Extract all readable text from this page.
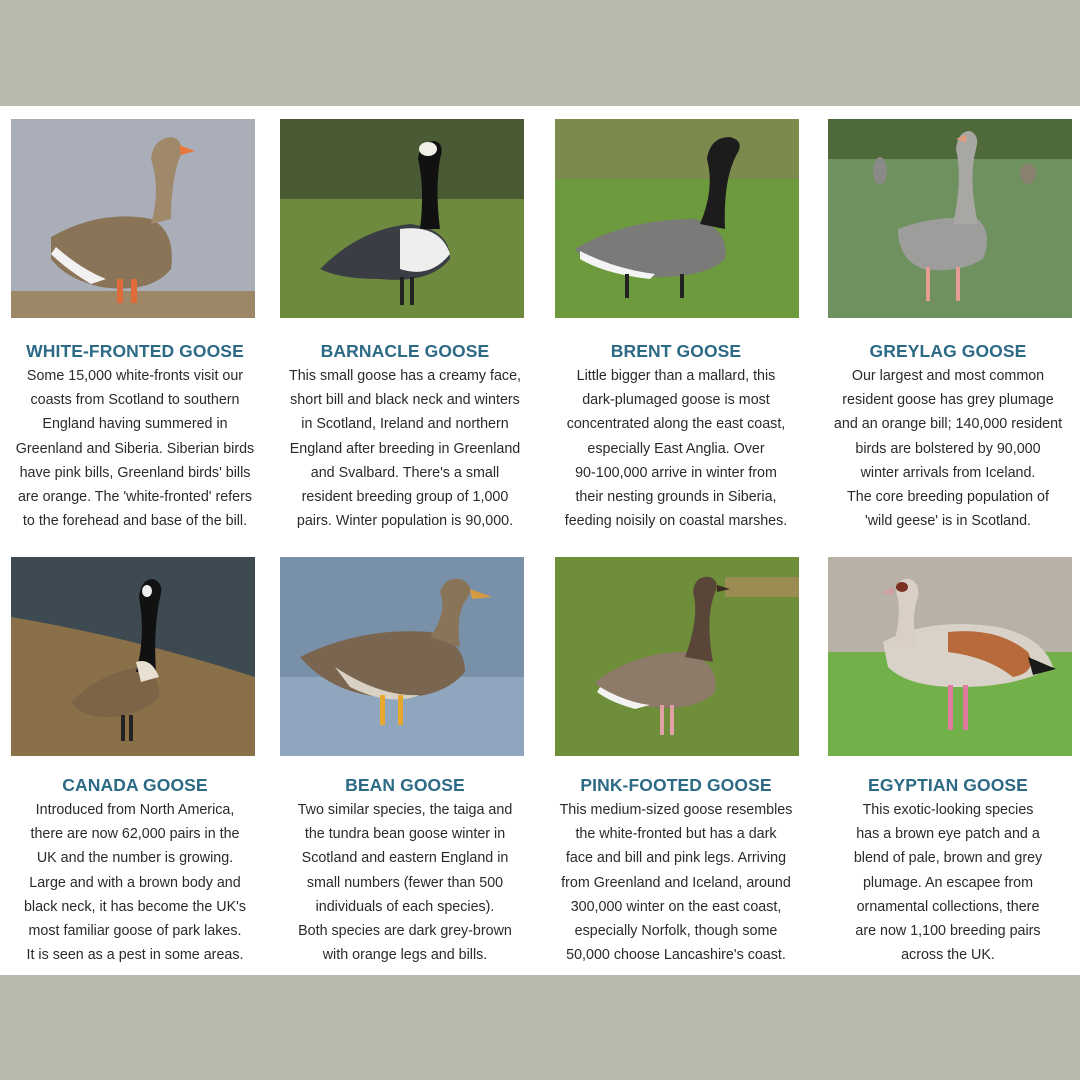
WHITE-FRONTED GOOSE
Some 15,000 white-fronts visit our
coasts from Scotland to southern
England having summered in
Greenland and Siberia. Siberian birds
have pink bills, Greenland birds' bills
are orange. The 'white-fronted' refers
to the forehead and base of the bill.
BARNACLE GOOSE
This small goose has a creamy face,
short bill and black neck and winters
in Scotland, Ireland and northern
England after breeding in Greenland
and Svalbard. There's a small
resident breeding group of 1,000
pairs. Winter population is 90,000.
BRENT GOOSE
Little bigger than a mallard, this
dark-plumaged goose is most
concentrated along the east coast,
especially East Anglia. Over
90-100,000 arrive in winter from
their nesting grounds in Siberia,
feeding noisily on coastal marshes.
GREYLAG GOOSE
Our largest and most common
resident goose has grey plumage
and an orange bill; 140,000 resident
birds are bolstered by 90,000
winter arrivals from Iceland.
The core breeding population of
'wild geese' is in Scotland.
CANADA GOOSE
Introduced from North America,
there are now 62,000 pairs in the
UK and the number is growing.
Large and with a brown body and
black neck, it has become the UK's
most familiar goose of park lakes.
It is seen as a pest in some areas.
BEAN GOOSE
Two similar species, the taiga and
the tundra bean goose winter in
Scotland and eastern England in
small numbers (fewer than 500
individuals of each species).
Both species are dark grey-brown
with orange legs and bills.
PINK-FOOTED GOOSE
This medium-sized goose resembles
the white-fronted but has a dark
face and bill and pink legs. Arriving
from Greenland and Iceland, around
300,000 winter on the east coast,
especially Norfolk, though some
50,000 choose Lancashire's coast.
EGYPTIAN GOOSE
This exotic-looking species
has a brown eye patch and a
blend of pale, brown and grey
plumage. An escapee from
ornamental collections, there
are now 1,100 breeding pairs
across the UK.
